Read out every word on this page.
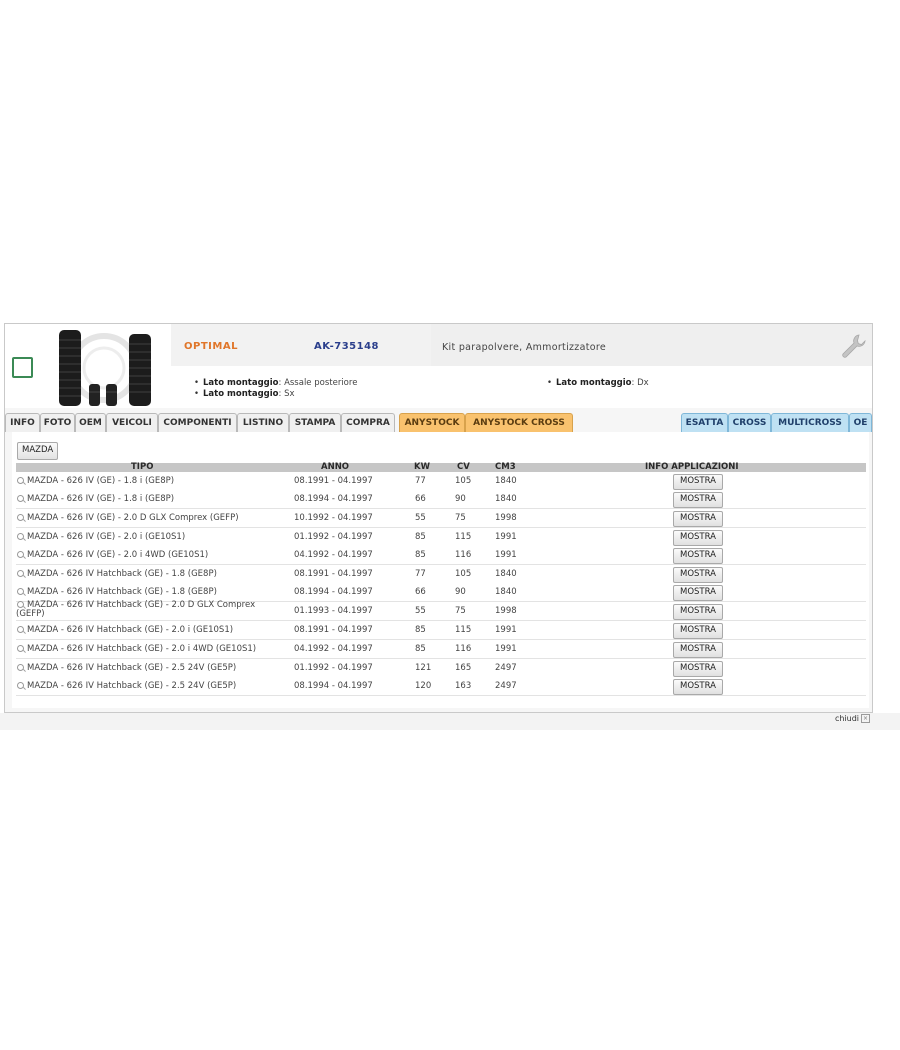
OPTIMAL	AK-735148	Kit parapolvere, Ammortizzatore
• Lato montaggio: Assale posteriore
• Lato montaggio: Sx
• Lato montaggio: Dx
INFO FOTO OEM	VEICOLI	COMPONENTI	LISTINO	STAMPA	COMPRA	ANYSTOCK	ANYSTOCK CROSS	ESATTA	CROSS	MULTICROSS	OE
MAZDA
TIPO	ANNO	KW	CV	CM3	INFO APPLICAZIONI
MAZDA - 626 IV (GE) - 1.8 i (GE8P)	08.1991 - 04.1997	77	105	1840	MOSTRA
MAZDA - 626 IV (GE) - 1.8 i (GE8P)	08.1994 - 04.1997	66	90	1840	MOSTRA
MAZDA - 626 IV (GE) - 2.0 D GLX Comprex (GEFP)	10.1992 - 04.1997	55	75	1998	MOSTRA
MAZDA - 626 IV (GE) - 2.0 i (GE10S1)	01.1992 - 04.1997	85	115	1991	MOSTRA
MAZDA - 626 IV (GE) - 2.0 i 4WD (GE10S1)	04.1992 - 04.1997	85	116	1991	MOSTRA
MAZDA - 626 IV Hatchback (GE) - 1.8 (GE8P)	08.1991 - 04.1997	77	105	1840	MOSTRA
MAZDA - 626 IV Hatchback (GE) - 1.8 (GE8P)	08.1994 - 04.1997	66	90	1840	MOSTRA
MAZDA - 626 IV Hatchback (GE) - 2.0 D GLX Comprex (GEFP)	01.1993 - 04.1997	55	75	1998	MOSTRA
MAZDA - 626 IV Hatchback (GE) - 2.0 i (GE10S1)	08.1991 - 04.1997	85	115	1991	MOSTRA
MAZDA - 626 IV Hatchback (GE) - 2.0 i 4WD (GE10S1)	04.1992 - 04.1997	85	116	1991	MOSTRA
MAZDA - 626 IV Hatchback (GE) - 2.5 24V (GE5P)	01.1992 - 04.1997	121	165	2497	MOSTRA
MAZDA - 626 IV Hatchback (GE) - 2.5 24V (GE5P)	08.1994 - 04.1997	120	163	2497	MOSTRA
chiudi ×
